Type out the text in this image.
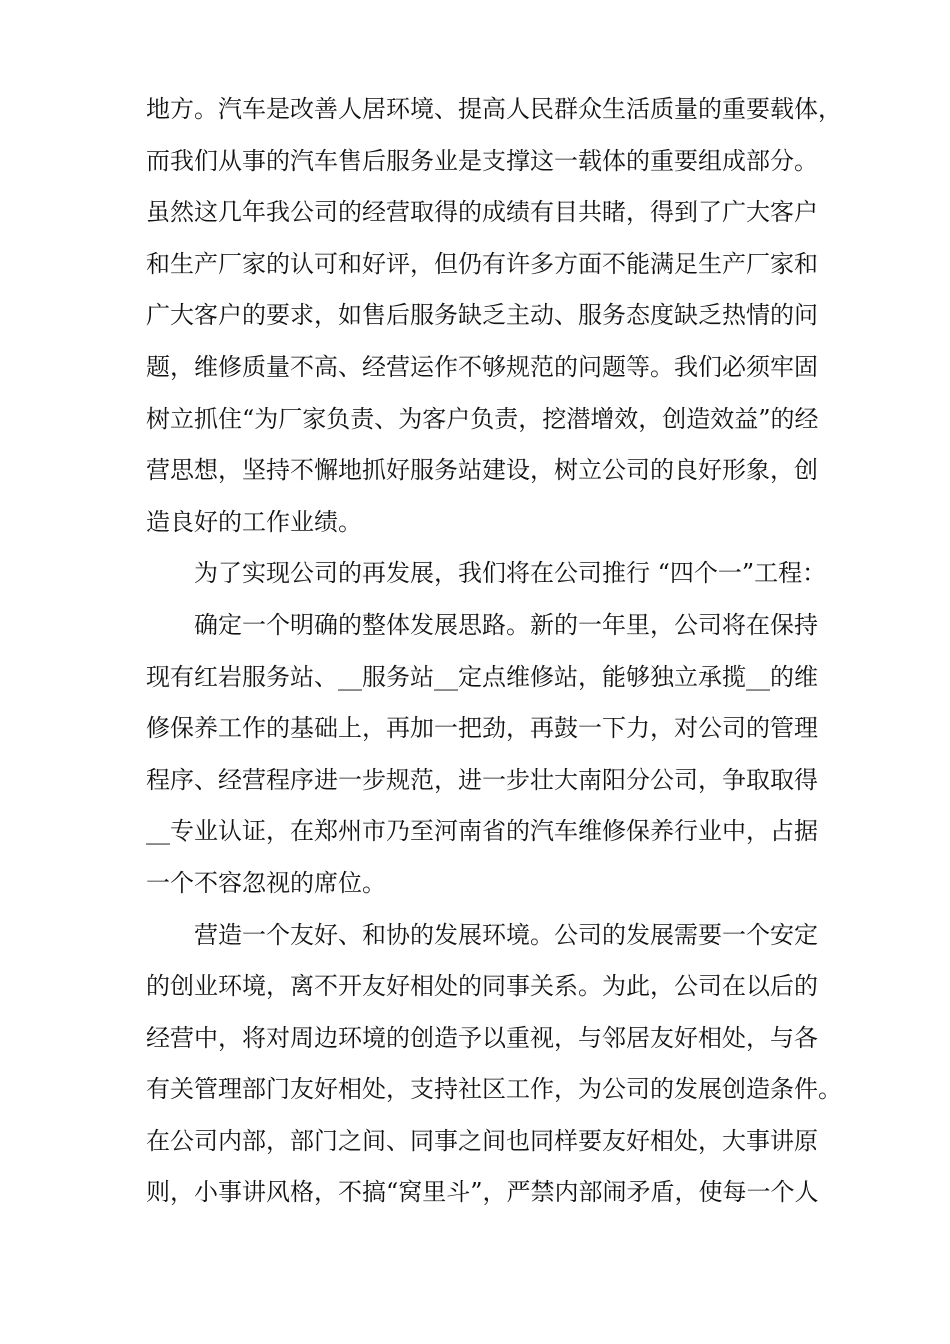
地方。汽车是改善人居环境、提高人民群众生活质量的重要载体，
而我们从事的汽车售后服务业是支撑这一载体的重要组成部分。
虽然这几年我公司的经营取得的成绩有目共睹，得到了广大客户
和生产厂家的认可和好评，但仍有许多方面不能满足生产厂家和
广大客户的要求，如售后服务缺乏主动、服务态度缺乏热情的问
题，维修质量不高、经营运作不够规范的问题等。我们必须牢固
树立抓住“为厂家负责、为客户负责，挖潜增效，创造效益”的经
营思想，坚持不懈地抓好服务站建设，树立公司的良好形象，创
造良好的工作业绩。
为了实现公司的再发展，我们将在公司推行 “四个一”工程：
确定一个明确的整体发展思路。新的一年里，公司将在保持
现有红岩服务站、__服务站__定点维修站，能够独立承揽__的维
修保养工作的基础上，再加一把劲，再鼓一下力，对公司的管理
程序、经营程序进一步规范，进一步壮大南阳分公司，争取取得
__专业认证，在郑州市乃至河南省的汽车维修保养行业中，占据
一个不容忽视的席位。
营造一个友好、和协的发展环境。公司的发展需要一个安定
的创业环境，离不开友好相处的同事关系。为此，公司在以后的
经营中，将对周边环境的创造予以重视，与邻居友好相处，与各
有关管理部门友好相处，支持社区工作，为公司的发展创造条件。
在公司内部，部门之间、同事之间也同样要友好相处，大事讲原
则，小事讲风格，不搞“窝里斗”，严禁内部闹矛盾，使每一个人
